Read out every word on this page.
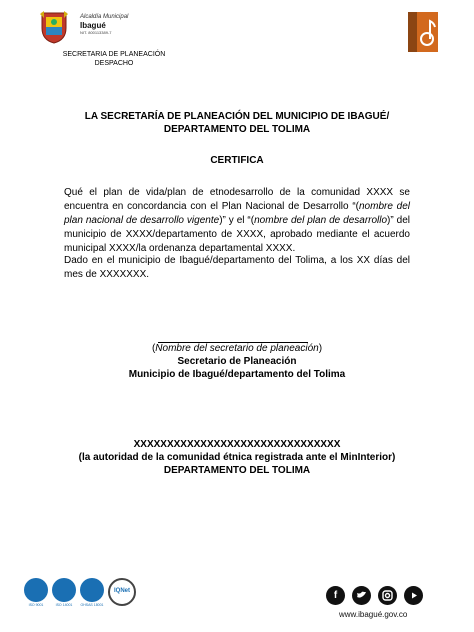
Alcaldía Municipal
Ibagué
NIT. 800113389-7
SECRETARIA DE PLANEACIÓN
DESPACHO
LA SECRETARÍA DE PLANEACIÓN DEL MUNICIPIO DE IBAGUÉ/
DEPARTAMENTO DEL TOLIMA
CERTIFICA
Qué el plan de vida/plan de etnodesarrollo de la comunidad XXXX se encuentra en concordancia con el Plan Nacional de Desarrollo “(nombre del plan nacional de desarrollo vigente)” y el “(nombre del plan de desarrollo)” del municipio de XXXX/departamento de XXXX, aprobado mediante el acuerdo municipal XXXX/la ordenanza departamental XXXX.
Dado en el municipio de Ibagué/departamento del Tolima, a los XX días del mes de XXXXXXX.
(Nombre del secretario de planeación)
Secretario de Planeación
Municipio de Ibagué/departamento del Tolima
XXXXXXXXXXXXXXXXXXXXXXXXXXXXXXX
(la autoridad de la comunidad étnica registrada ante el MinInterior)
DEPARTAMENTO DEL TOLIMA
ISO 9001	ISO 14001	OHSAS 18001
IQNet	f
www.ibagué.gov.co
